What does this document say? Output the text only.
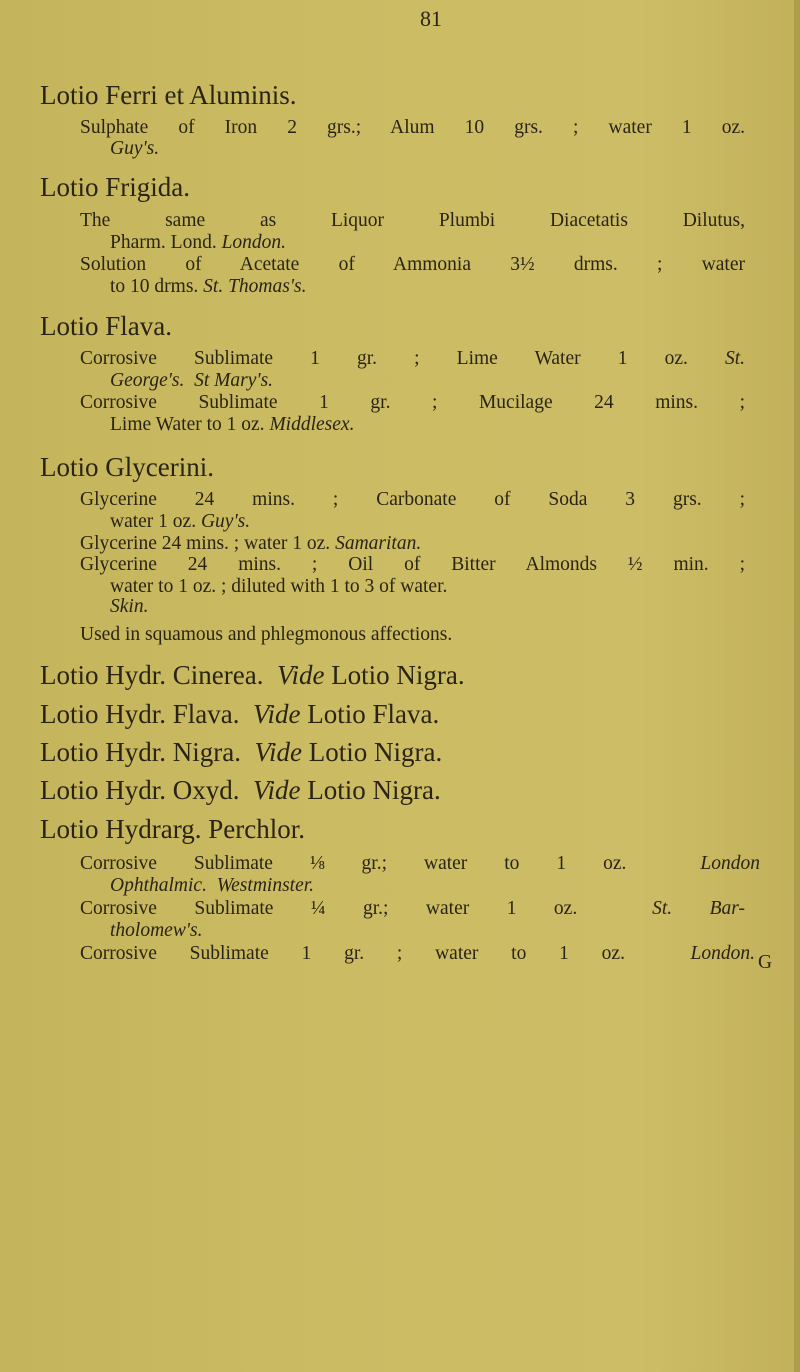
81
Lotio Ferri et Aluminis.
Sulphate of Iron 2 grs.; Alum 10 grs. ; water 1 oz.
Guy's.
Lotio Frigida.
The same as Liquor Plumbi Diacetatis Dilutus,
Pharm. Lond. London.
Solution of Acetate of Ammonia 3½ drms. ; water
to 10 drms. St. Thomas's.
Lotio Flava.
Corrosive Sublimate 1 gr. ; Lime Water 1 oz. St.
George's.  St Mary's.
Corrosive Sublimate 1 gr. ; Mucilage 24 mins. ;
Lime Water to 1 oz. Middlesex.
Lotio Glycerini.
Glycerine 24 mins. ; Carbonate of Soda 3 grs. ;
water 1 oz. Guy's.
Glycerine 24 mins. ; water 1 oz. Samaritan.
Glycerine 24 mins. ; Oil of Bitter Almonds ½ min. ;
water to 1 oz. ; diluted with 1 to 3 of water.
Skin.
Used in squamous and phlegmonous affections.
Lotio Hydr. Cinerea.  Vide Lotio Nigra.
Lotio Hydr. Flava.  Vide Lotio Flava.
Lotio Hydr. Nigra.  Vide Lotio Nigra.
Lotio Hydr. Oxyd.  Vide Lotio Nigra.
Lotio Hydrarg. Perchlor.
Corrosive Sublimate ⅛ gr.; water to 1 oz.  London
Ophthalmic.  Westminster.
Corrosive Sublimate ¼ gr.; water 1 oz.  St. Bar-
tholomew's.
Corrosive Sublimate 1 gr. ; water to 1 oz.  London. G
